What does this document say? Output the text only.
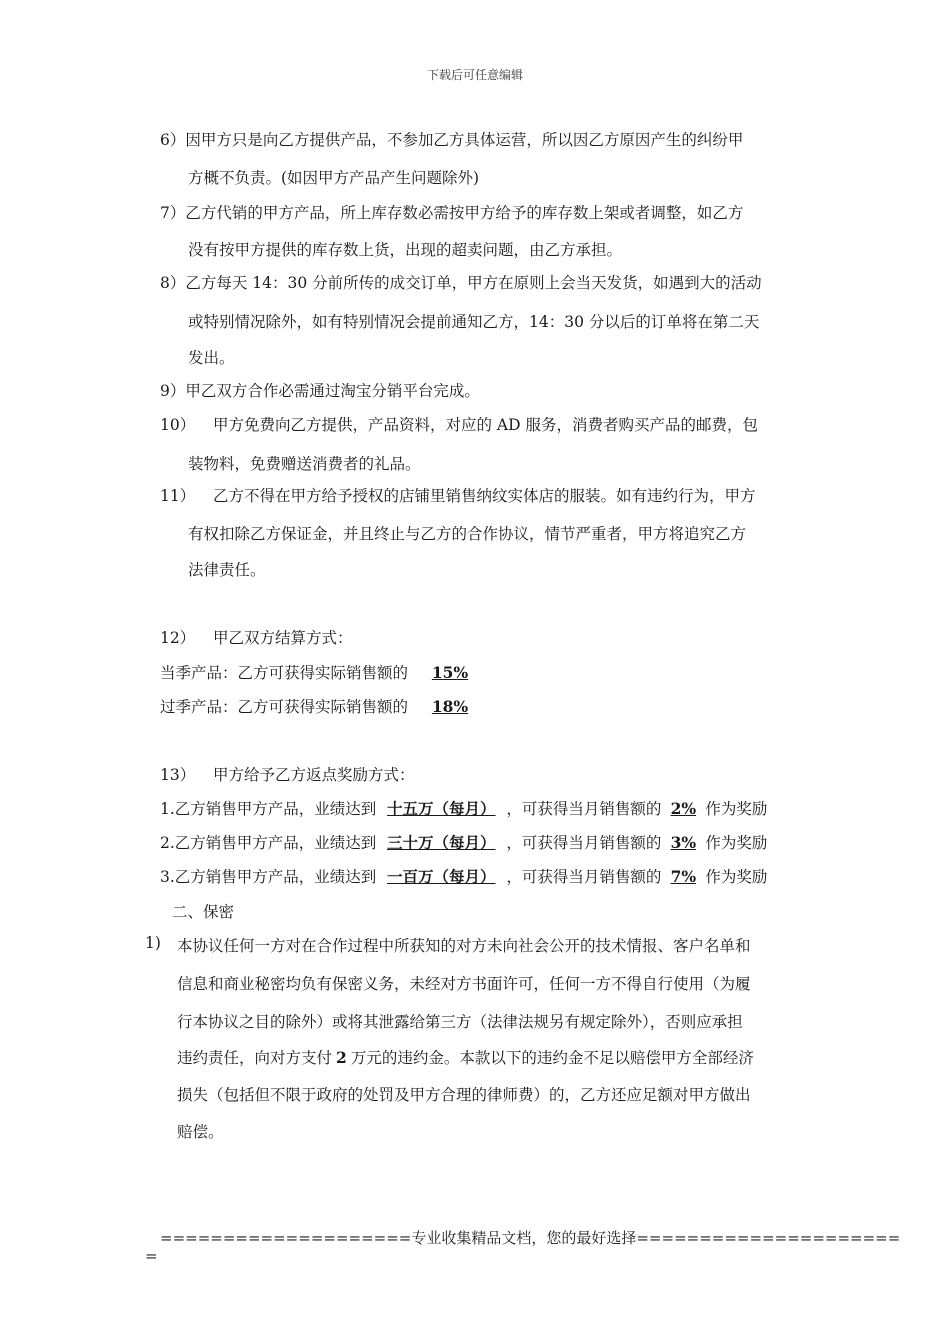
下载后可任意编辑
6）因甲方只是向乙方提供产品，不参加乙方具体运营，所以因乙方原因产生的纠纷甲
方概不负责。(如因甲方产品产生问题除外)
7）乙方代销的甲方产品，所上库存数必需按甲方给予的库存数上架或者调整，如乙方
没有按甲方提供的库存数上货，出现的超卖问题，由乙方承担。
8）乙方每天 14：30 分前所传的成交订单，甲方在原则上会当天发货，如遇到大的活动
或特别情况除外，如有特别情况会提前通知乙方，14：30 分以后的订单将在第二天
发出。
9）甲乙双方合作必需通过淘宝分销平台完成。
10） 甲方免费向乙方提供，产品资料，对应的 AD 服务，消费者购买产品的邮费，包
装物料，免费赠送消费者的礼品。
11） 乙方不得在甲方给予授权的店铺里销售纳纹实体店的服装。如有违约行为，甲方
有权扣除乙方保证金，并且终止与乙方的合作协议，情节严重者，甲方将追究乙方
法律责任。
12） 甲乙双方结算方式：
当季产品：乙方可获得实际销售额的 15%
过季产品：乙方可获得实际销售额的 18%
13） 甲方给予乙方返点奖励方式：
1.乙方销售甲方产品，业绩达到 十五万（每月） ，可获得当月销售额的 2% 作为奖励
2.乙方销售甲方产品，业绩达到 三十万（每月） ，可获得当月销售额的 3% 作为奖励
3.乙方销售甲方产品，业绩达到 一百万（每月） ，可获得当月销售额的 7% 作为奖励
二、保密
1) 本协议任何一方对在合作过程中所获知的对方未向社会公开的技术情报、客户名单和
信息和商业秘密均负有保密义务，未经对方书面许可，任何一方不得自行使用（为履
行本协议之目的除外）或将其泄露给第三方（法律法规另有规定除外），否则应承担
违约责任，向对方支付 2 万元的违约金。本款以下的违约金不足以赔偿甲方全部经济
损失（包括但不限于政府的处罚及甲方合理的律师费）的，乙方还应足额对甲方做出
赔偿。
====================专业收集精品文档，您的最好选择=====================
=
